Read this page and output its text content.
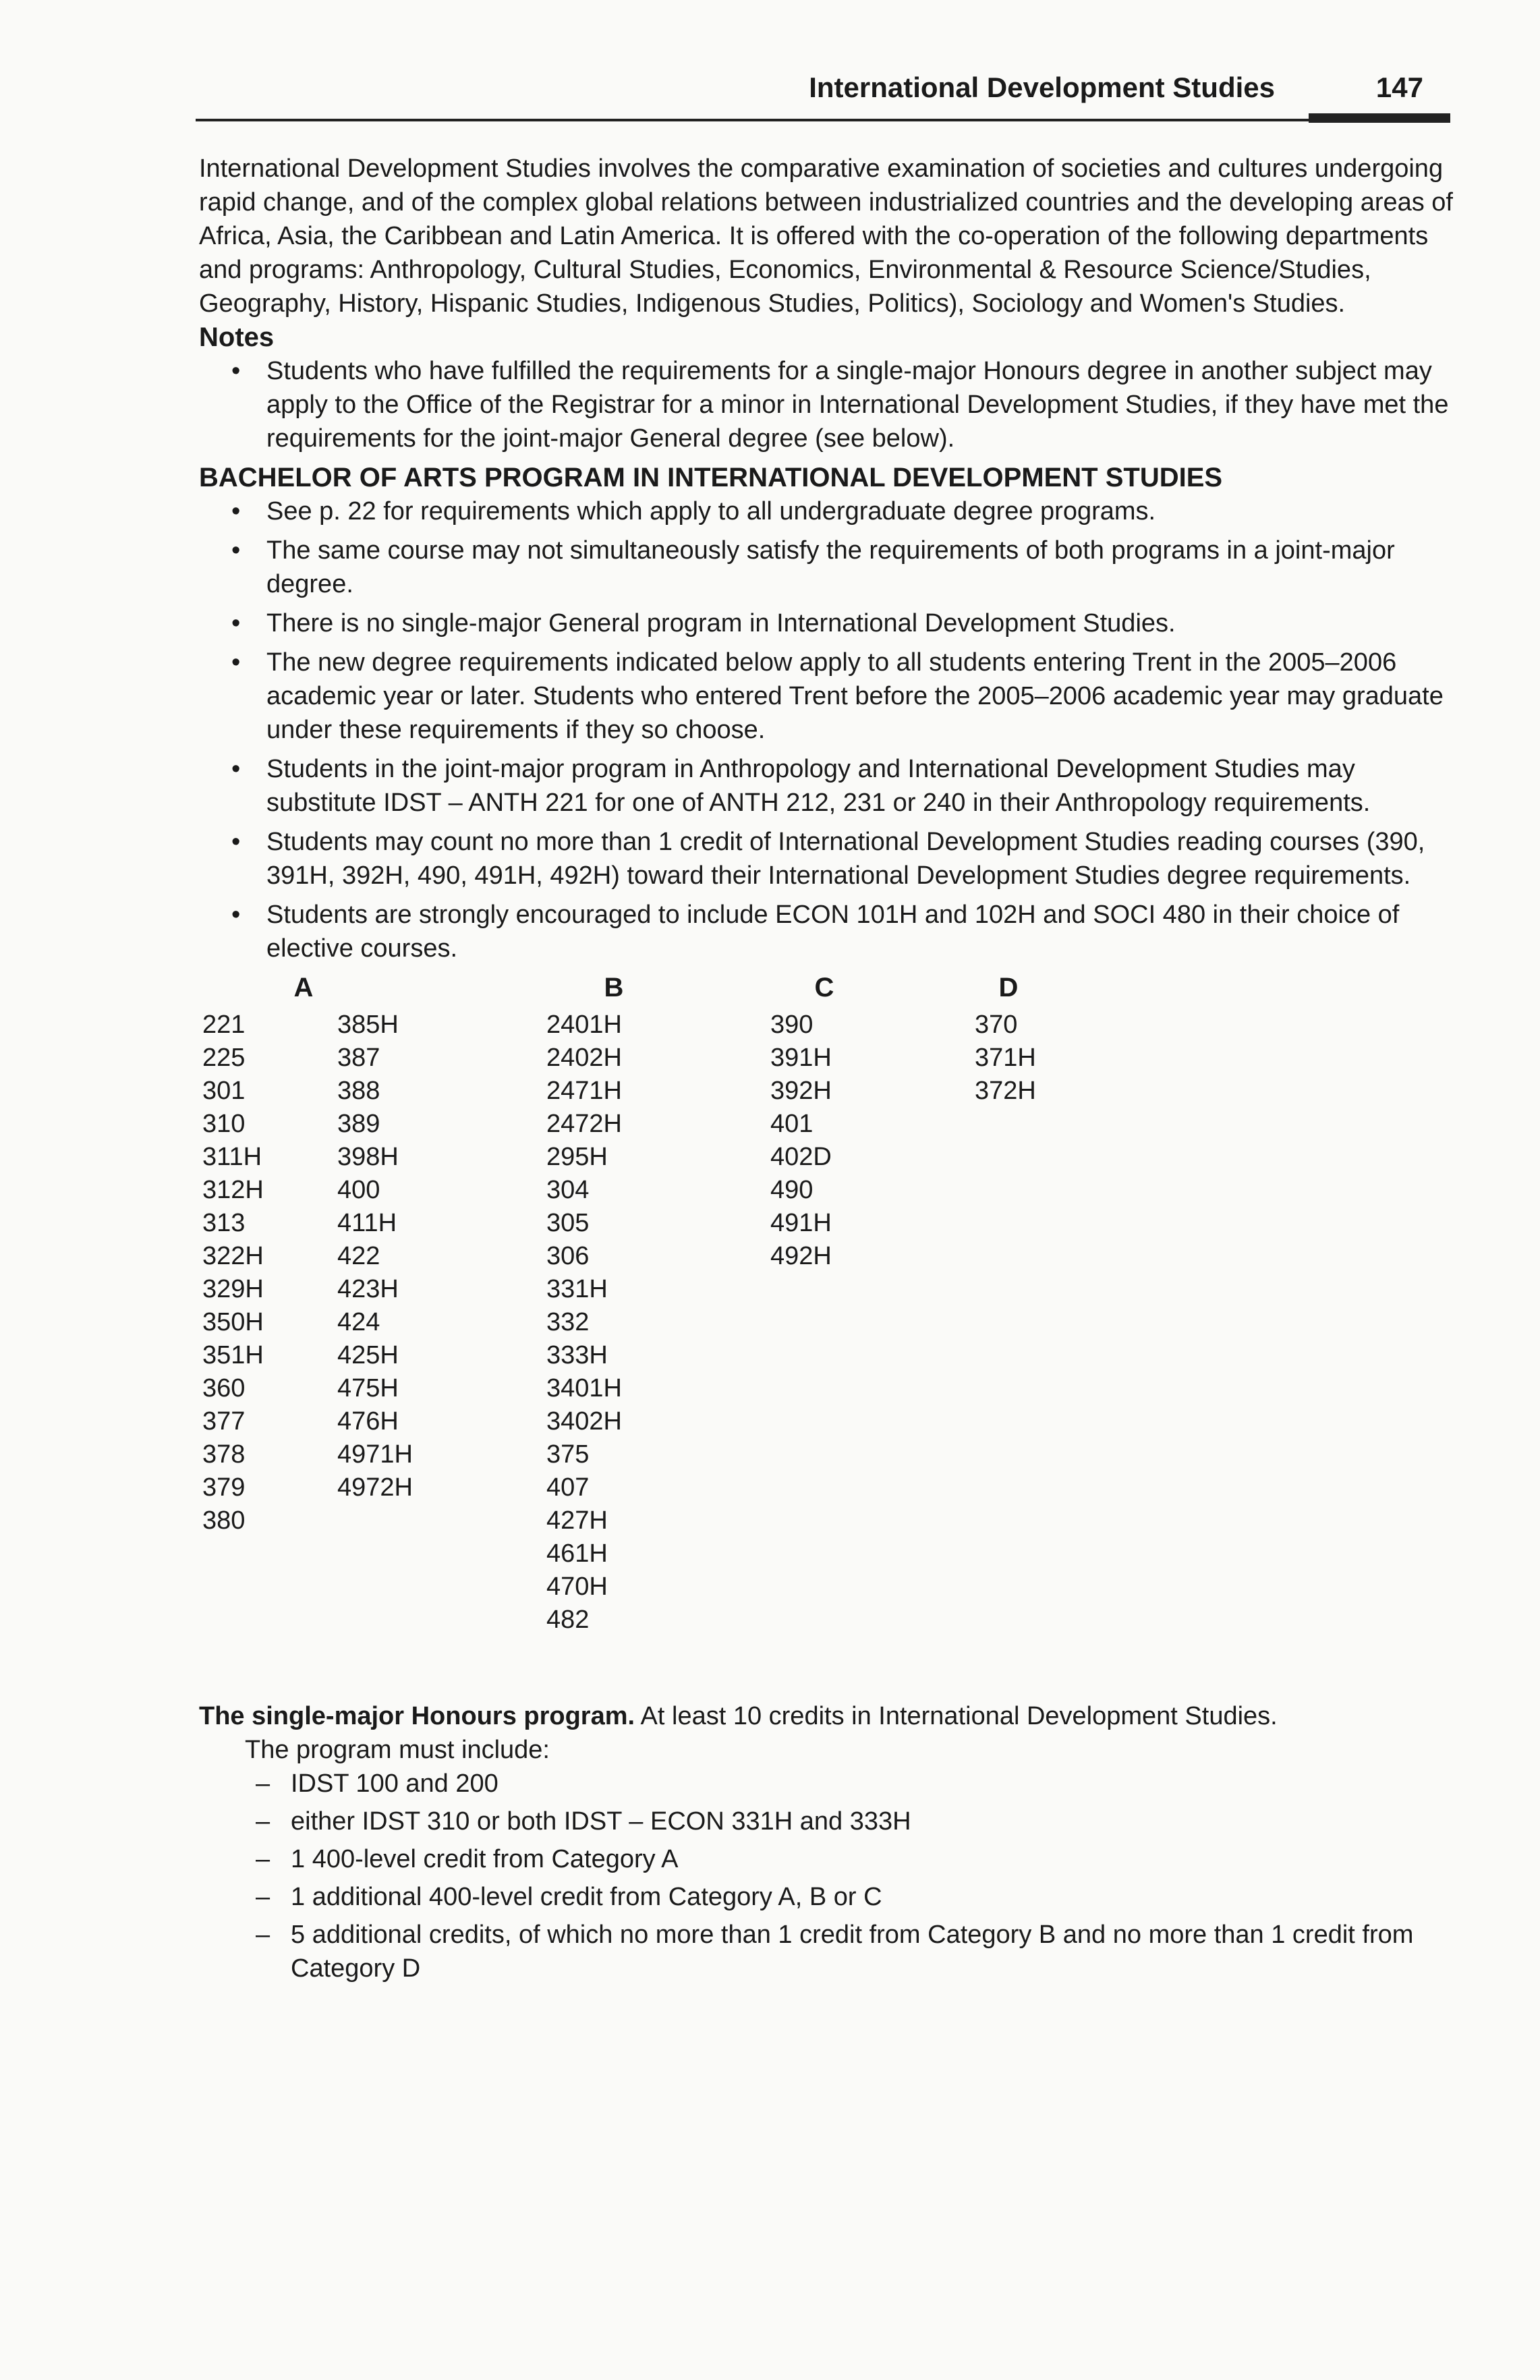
International Development Studies	147

International Development Studies involves the comparative examination of societies and cultures undergoing rapid change, and of the complex global relations between industrialized countries and the developing areas of Africa, Asia, the Caribbean and Latin America. It is offered with the co-operation of the following departments and programs: Anthropology, Cultural Studies, Economics, Environmental & Resource Science/Studies, Geography, History, Hispanic Studies, Indigenous Studies, Politics), Sociology and Women's Studies.

Notes

• Students who have fulfilled the requirements for a single-major Honours degree in another subject may apply to the Office of the Registrar for a minor in International Development Studies, if they have met the requirements for the joint-major General degree (see below).

BACHELOR OF ARTS PROGRAM IN INTERNATIONAL DEVELOPMENT STUDIES

• See p. 22 for requirements which apply to all undergraduate degree programs.
• The same course may not simultaneously satisfy the requirements of both programs in a joint-major degree.
• There is no single-major General program in International Development Studies.
• The new degree requirements indicated below apply to all students entering Trent in the 2005–2006 academic year or later. Students who entered Trent before the 2005–2006 academic year may graduate under these requirements if they so choose.
• Students in the joint-major program in Anthropology and International Development Studies may substitute IDST – ANTH 221 for one of ANTH 212, 231 or 240 in their Anthropology requirements.
• Students may count no more than 1 credit of International Development Studies reading courses (390, 391H, 392H, 490, 491H, 492H) toward their International Development Studies degree requirements.
• Students are strongly encouraged to include ECON 101H and 102H and SOCI 480 in their choice of elective courses.
A
221
225
301
310
311H
312H
313
322H
329H
350H
351H
360
377
378
379
380
385H
387
388
389
398H
400
411H
422
423H
424
425H
475H
476H
4971H
4972H
B
2401H
2402H
2471H
2472H
295H
304
305
306
331H
332
333H
3401H
3402H
375
407
427H
461H
470H
482
C
390
391H
392H
401
402D
490
491H
492H
D
370
371H
372H

The single-major Honours program. At least 10 credits in International Development Studies.

The program must include:

– IDST 100 and 200
– either IDST 310 or both IDST – ECON 331H and 333H
– 1 400-level credit from Category A
– 1 additional 400-level credit from Category A, B or C
– 5 additional credits, of which no more than 1 credit from Category B and no more than 1 credit from Category D
